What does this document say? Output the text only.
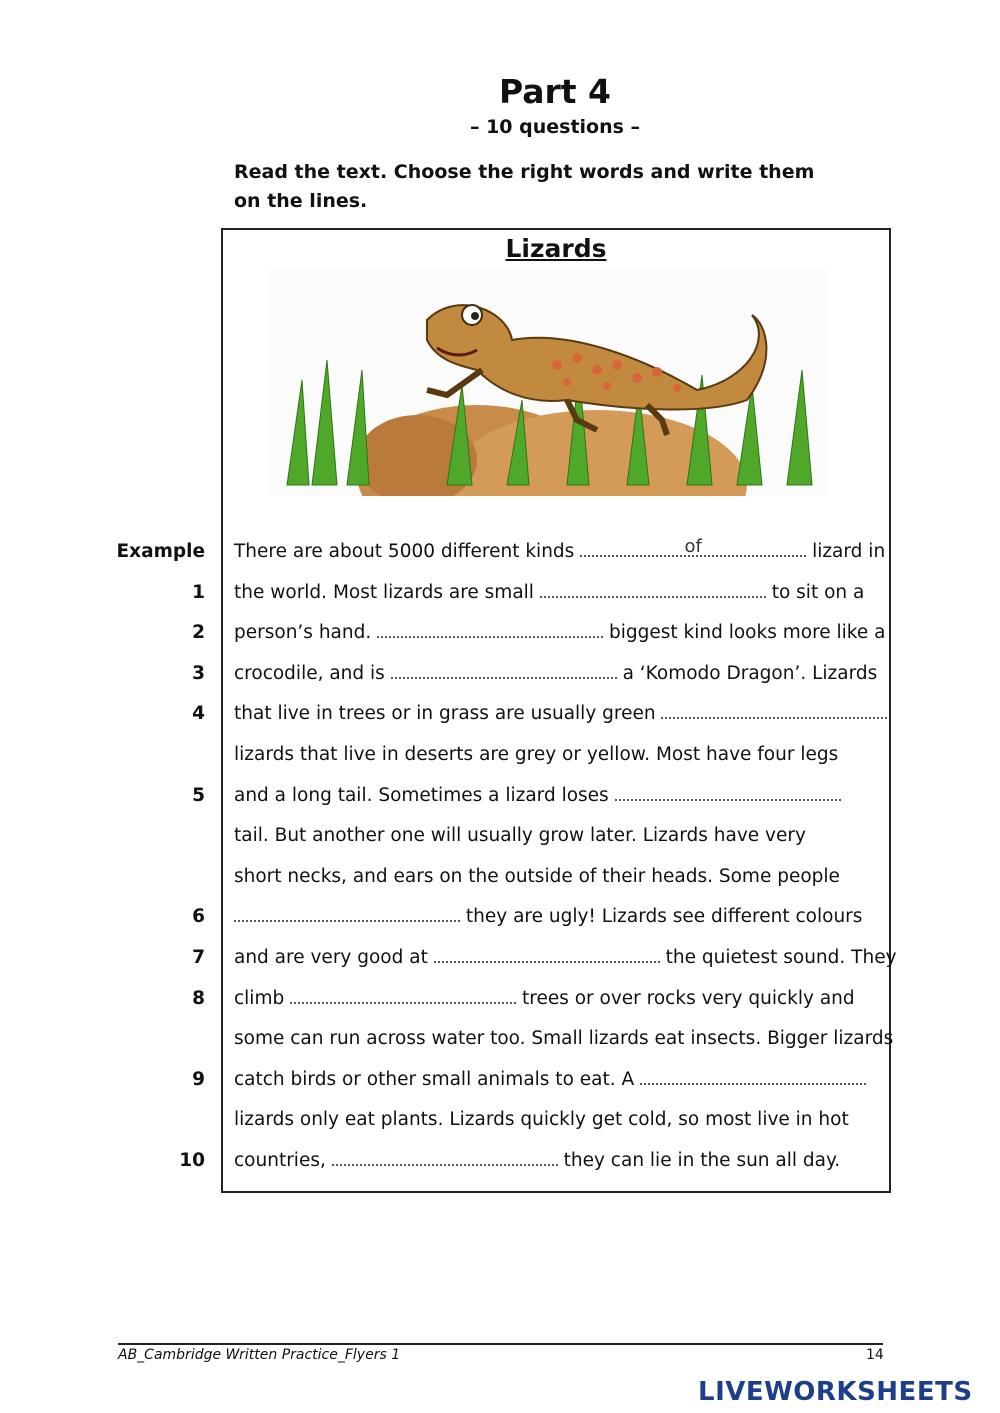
Part 4
– 10 questions –
Read the text. Choose the right words and write them on the lines.
Lizards
Example There are about 5000 different kinds	of	lizard in
1 the world. Most lizards are small	to sit on a
2 person’s hand.	biggest kind looks more like a
3 crocodile, and is	a ‘Komodo Dragon’. Lizards
4 that live in trees or in grass are usually green
lizards that live in deserts are grey or yellow. Most have four legs
5 and a long tail. Sometimes a lizard loses
tail. But another one will usually grow later. Lizards have very
short necks, and ears on the outside of their heads. Some people
6	they are ugly! Lizards see different colours
7 and are very good at	the quietest sound. They
8 climb	trees or over rocks very quickly and
some can run across water too. Small lizards eat insects. Bigger lizards
9 catch birds or other small animals to eat. A
lizards only eat plants. Lizards quickly get cold, so most live in hot
10 countries,	they can lie in the sun all day.
AB_Cambridge Written Practice_Flyers 1	14
LIVEWORKSHEETS
